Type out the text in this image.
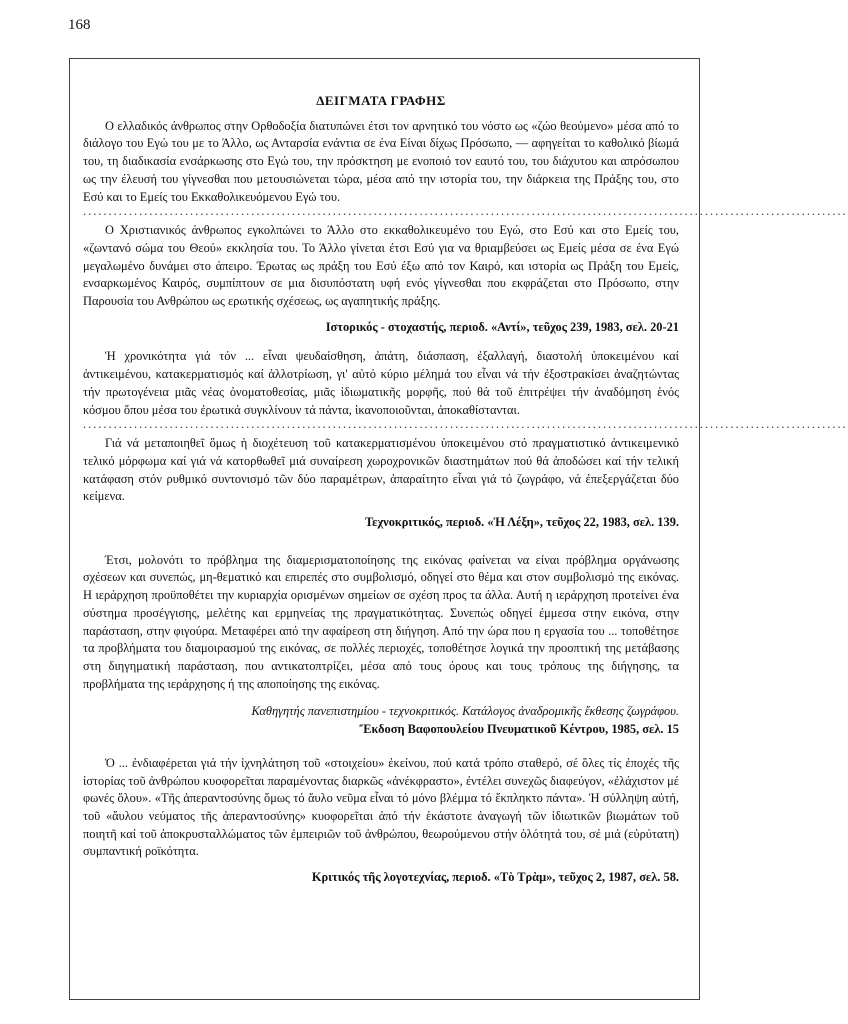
168
ΔΕΙΓΜΑΤΑ ΓΡΑΦΗΣ

Ο ελλαδικός άνθρωπος στην Ορθοδοξία διατυπώνει έτσι τον αρνητικό του νόστο ως «ζώο θεούμενο» μέσα από το διάλογο του Εγώ του με το Άλλο, ως Ανταρσία ενάντια σε ένα Είναι δίχως Πρόσωπο, — αφηγείται το καθολικό βίωμά του, τη διαδικασία ενσάρκωσης στο Εγώ του, την πρόσκτηση με ενοποιό τον εαυτό του, του διάχυτου και απρόσωπου ως την έλευσή του γίγνεσθαι που μετουσιώνεται τώρα, μέσα από την ιστορία του, την διάρκεια της Πράξης του, στο Εσύ και το Εμείς του Εκκαθολικευόμενου Εγώ του.

......................................................................................................................................................

Ο Χριστιανικός άνθρωπος εγκολπώνει το Άλλο στο εκκαθολικευμένο του Εγώ, στο Εσύ και στο Εμείς του, «ζωντανό σώμα του Θεού» εκκλησία του. Το Άλλο γίνεται έτσι Εσύ για να θριαμβεύσει ως Εμείς μέσα σε ένα Εγώ μεγαλωμένο δυνάμει στο άπειρο. Έρωτας ως πράξη του Εσύ έξω από τον Καιρό, και ιστορία ως Πράξη του Εμείς, ενσαρκωμένος Καιρός, συμπίπτουν σε μια δισυπόστατη υφή ενός γίγνεσθαι που εκφράζεται στο Πρόσωπο, στην Παρουσία του Ανθρώπου ως ερωτικής σχέσεως, ως αγαπητικής πράξης.

Ιστορικός - στοχαστής, περιοδ. «Αντί», τεῦχος 239, 1983, σελ. 20-21

Ἡ χρονικότητα γιά τόν ... εἶναι ψευδαίσθηση, ἀπάτη, διάσπαση, ἐξαλλαγή, διαστολή ὑποκειμένου καί ἀντικειμένου, κατακερματισμός καί ἀλλοτρίωση, γι' αὐτό κύριο μέλημά του εἶναι νά τήν ἐξοστρακίσει ἀναζητώντας τήν πρωτογένεια μιᾶς νέας ὀνοματοθεσίας, μιᾶς ἰδιωματικῆς μορφῆς, πού θά τοῦ ἐπιτρέψει τήν ἀναδόμηση ἑνός κόσμου ὅπου μέσα του ἐρωτικά συγκλίνουν τά πάντα, ἱκανοποιοῦνται, ἀποκαθίστανται.

......................................................................................................................................................

Γιά νά μεταποιηθεῖ ὅμως ἡ διοχέτευση τοῦ κατακερματισμένου ὑποκειμένου στό πραγματιστικό ἀντικειμενικό τελικό μόρφωμα καί γιά νά κατορθωθεῖ μιά συναίρεση χωροχρονικῶν διαστημάτων πού θά ἀποδώσει καί τήν τελική κατάφαση στόν ρυθμικό συντονισμό τῶν δύο παραμέτρων, ἀπαραίτητο εἶναι γιά τό ζωγράφο, νά ἐπεξεργάζεται δύο κείμενα.

Τεχνοκριτικός, περιοδ. «Ἡ Λέξη», τεῦχος 22, 1983, σελ. 139.

Έτσι, μολονότι το πρόβλημα της διαμερισματοποίησης της εικόνας φαίνεται να είναι πρόβλημα οργάνωσης σχέσεων και συνεπώς, μη-θεματικό και επιρεπές στο συμβολισμό, οδηγεί στο θέμα και στον συμβολισμό της εικόνας. Η ιεράρχηση προϋποθέτει την κυριαρχία ορισμένων σημείων σε σχέση προς τα άλλα. Αυτή η ιεράρχηση προτείνει ένα σύστημα προσέγγισης, μελέτης και ερμηνείας της πραγματικότητας. Συνεπώς οδηγεί έμμεσα στην εικόνα, στην παράσταση, στην φιγούρα. Μεταφέρει από την αφαίρεση στη διήγηση. Από την ώρα που η εργασία του ... τοποθέτησε τα προβλήματα του διαμοιρασμού της εικόνας, σε πολλές περιοχές, τοποθέτησε λογικά την προοπτική της μετάβασης στη διηγηματική παράσταση, που αντικατοπτρίζει, μέσα από τους όρους και τους τρόπους της διήγησης, τα προβλήματα της ιεράρχησης ή της αποποίησης της εικόνας.

Καθηγητής πανεπιστημίου - τεχνοκριτικός. Κατάλογος ἀναδρομικῆς ἔκθεσης ζωγράφου.
Ἔκδοση Βαφοπουλείου Πνευματικοῦ Κέντρου, 1985, σελ. 15

Ὁ ... ἐνδιαφέρεται γιά τήν ἰχνηλάτηση τοῦ «στοιχείου» ἐκείνου, πού κατά τρόπο σταθερό, σέ ὅλες τίς ἐποχές τῆς ἱστορίας τοῦ ἀνθρώπου κυοφορεῖται παραμένοντας διαρκῶς «ἀνέκφραστο», ἐντέλει συνεχῶς διαφεύγον, «ἐλάχιστον μέ φωνές ὅλου». «Τῆς ἀπεραντοσύνης ὅμως τό ἄυλο νεῦμα εἶναι τό μόνο βλέμμα τό ἔκπληκτο πάντα». Ἡ σύλληψη αὐτή, τοῦ «ἄυλου νεύματος τῆς ἀπεραντοσύνης» κυοφορεῖται ἀπό τήν ἑκάστοτε ἀναγωγή τῶν ἰδιωτικῶν βιωμάτων τοῦ ποιητῆ καί τοῦ ἀποκρυσταλλώματος τῶν ἐμπειριῶν τοῦ ἀνθρώπου, θεωρούμενου στήν ὁλότητά του, σέ μιά (εὐρύτατη) συμπαντική ροϊκότητα.

Κριτικός τῆς λογοτεχνίας, περιοδ. «Τὸ Τρὰμ», τεῦχος 2, 1987, σελ. 58.
